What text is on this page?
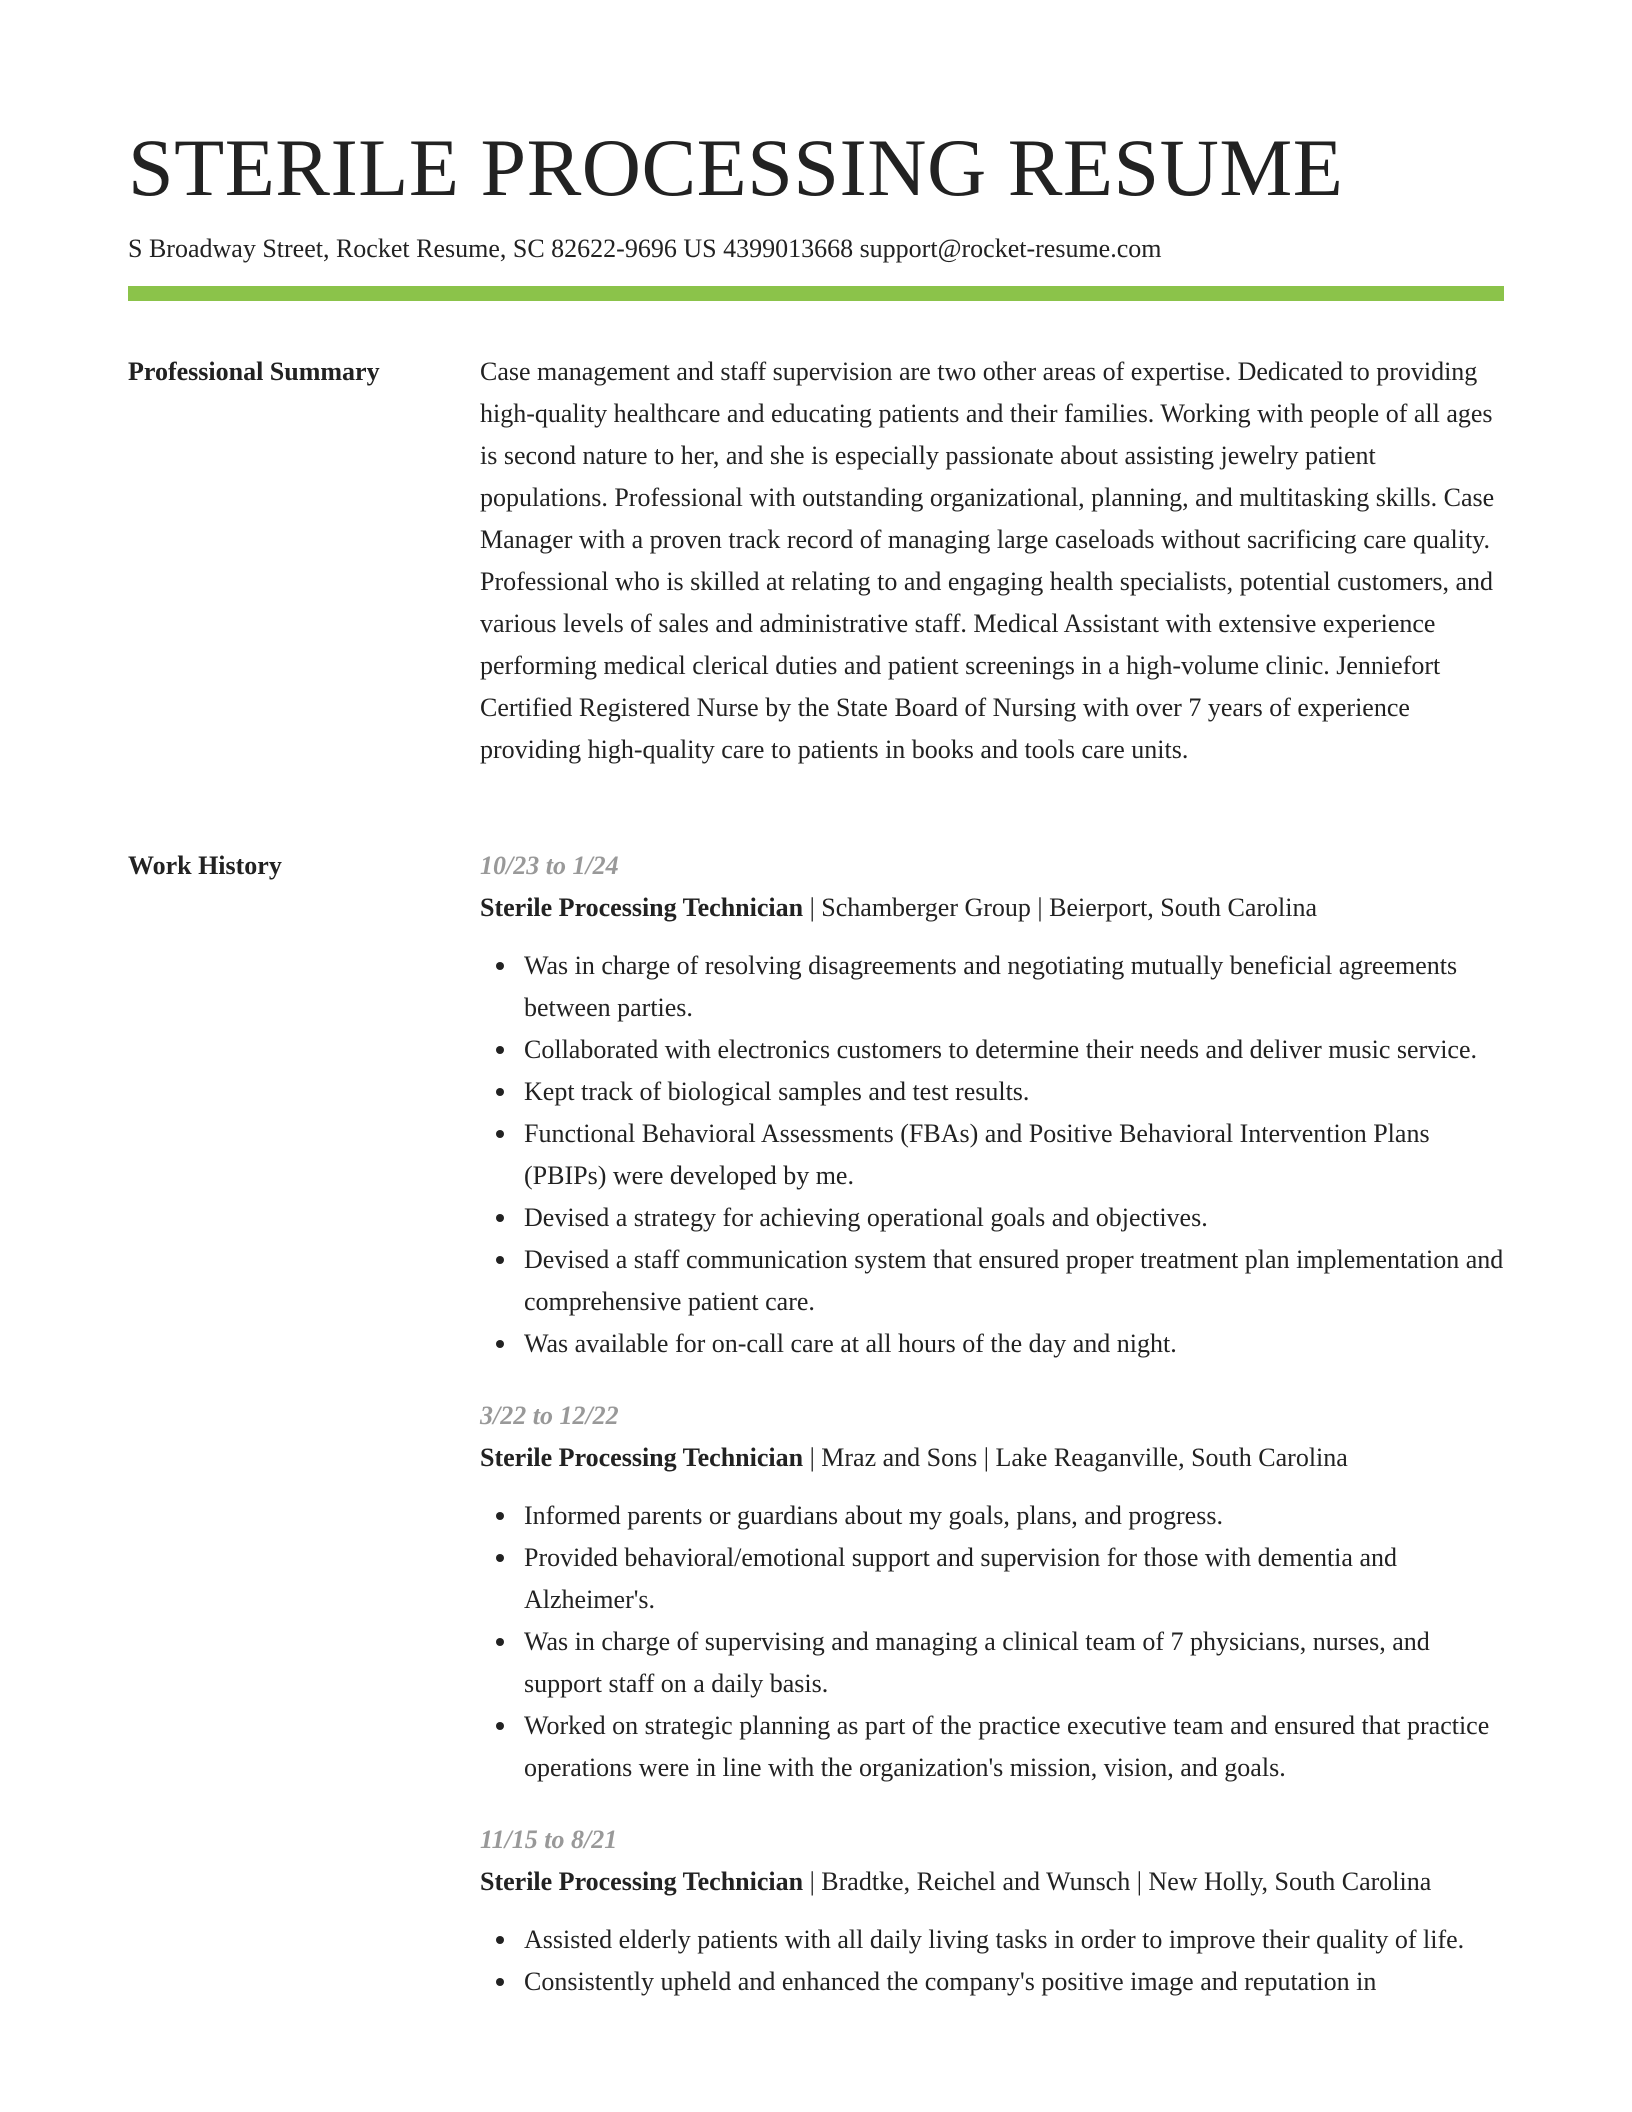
STERILE PROCESSING RESUME

S Broadway Street, Rocket Resume, SC 82622-9696 US 4399013668 support@rocket-resume.com

Professional Summary	Case management and staff supervision are two other areas of expertise. Dedicated to providing high-quality healthcare and educating patients and their families. Working with people of all ages is second nature to her, and she is especially passionate about assisting jewelry patient populations. Professional with outstanding organizational, planning, and multitasking skills. Case Manager with a proven track record of managing large caseloads without sacrificing care quality. Professional who is skilled at relating to and engaging health specialists, potential customers, and various levels of sales and administrative staff. Medical Assistant with extensive experience performing medical clerical duties and patient screenings in a high-volume clinic. Jenniefort Certified Registered Nurse by the State Board of Nursing with over 7 years of experience providing high-quality care to patients in books and tools care units.

Work History	10/23 to 1/24

Sterile Processing Technician | Schamberger Group | Beierport, South Carolina

Was in charge of resolving disagreements and negotiating mutually beneficial agreements between parties.
Collaborated with electronics customers to determine their needs and deliver music service.
Kept track of biological samples and test results.
Functional Behavioral Assessments (FBAs) and Positive Behavioral Intervention Plans (PBIPs) were developed by me.
Devised a strategy for achieving operational goals and objectives.
Devised a staff communication system that ensured proper treatment plan implementation and comprehensive patient care.
Was available for on-call care at all hours of the day and night.

3/22 to 12/22

Sterile Processing Technician | Mraz and Sons | Lake Reaganville, South Carolina

Informed parents or guardians about my goals, plans, and progress.
Provided behavioral/emotional support and supervision for those with dementia and Alzheimer's.
Was in charge of supervising and managing a clinical team of 7 physicians, nurses, and support staff on a daily basis.
Worked on strategic planning as part of the practice executive team and ensured that practice operations were in line with the organization's mission, vision, and goals.

11/15 to 8/21

Sterile Processing Technician | Bradtke, Reichel and Wunsch | New Holly, South Carolina

Assisted elderly patients with all daily living tasks in order to improve their quality of life.
Consistently upheld and enhanced the company's positive image and reputation in
